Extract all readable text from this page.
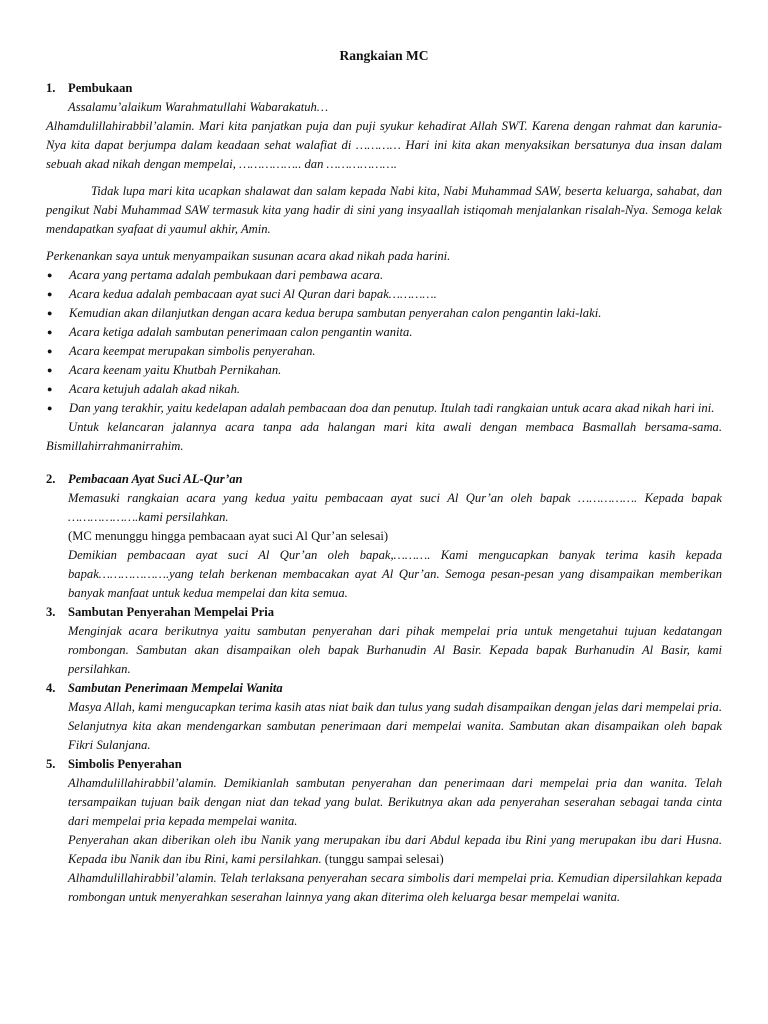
Rangkaian MC
1. Pembukaan
Assalamu’alaikum Warahmatullahi Wabarakatuh…
Alhamdulillahirabbil’alamin. Mari kita panjatkan puja dan puji syukur kehadirat Allah SWT. Karena dengan rahmat dan karunia-Nya kita dapat berjumpa dalam keadaan sehat walafiat di ………… Hari ini kita akan menyaksikan bersatunya dua insan dalam sebuah akad nikah dengan mempelai, …………….. dan ……………….
Tidak lupa mari kita ucapkan shalawat dan salam kepada Nabi kita, Nabi Muhammad SAW, beserta keluarga, sahabat, dan pengikut Nabi Muhammad SAW termasuk kita yang hadir di sini yang insyaallah istiqomah menjalankan risalah-Nya. Semoga kelak mendapatkan syafaat di yaumul akhir, Amin.
Perkenankan saya untuk menyampaikan susunan acara akad nikah pada harini.
●	Acara yang pertama adalah pembukaan dari pembawa acara.
●	Acara kedua adalah pembacaan ayat suci Al Quran dari bapak………….
●	Kemudian akan dilanjutkan dengan acara kedua berupa sambutan penyerahan calon pengantin laki-laki.
●	Acara ketiga adalah sambutan penerimaan calon pengantin wanita.
●	Acara keempat merupakan simbolis penyerahan.
●	Acara keenam yaitu Khutbah Pernikahan.
●	Acara ketujuh adalah akad nikah.
●	Dan yang terakhir, yaitu kedelapan adalah pembacaan doa dan penutup. Itulah tadi rangkaian untuk acara akad nikah hari ini.
Untuk kelancaran jalannya acara tanpa ada halangan mari kita awali dengan membaca Basmallah bersama-sama. Bismillahirrahmanirrahim.
2. Pembacaan Ayat Suci AL-Qur’an
Memasuki rangkaian acara yang kedua yaitu pembacaan ayat suci Al Qur’an oleh bapak ……………. Kepada bapak ……………….kami persilahkan.
(MC menunggu hingga pembacaan ayat suci Al Qur’an selesai)
Demikian pembacaan ayat suci Al Qur’an oleh bapak,………. Kami mengucapkan banyak terima kasih kepada bapak……………….yang telah berkenan membacakan ayat Al Qur’an. Semoga pesan-pesan yang disampaikan memberikan banyak manfaat untuk kedua mempelai dan kita semua.
3. Sambutan Penyerahan Mempelai Pria
Menginjak acara berikutnya yaitu sambutan penyerahan dari pihak mempelai pria untuk mengetahui tujuan kedatangan rombongan. Sambutan akan disampaikan oleh bapak Burhanudin Al Basir. Kepada bapak Burhanudin Al Basir, kami persilahkan.
4. Sambutan Penerimaan Mempelai Wanita
Masya Allah, kami mengucapkan terima kasih atas niat baik dan tulus yang sudah disampaikan dengan jelas dari mempelai pria. Selanjutnya kita akan mendengarkan sambutan penerimaan dari mempelai wanita. Sambutan akan disampaikan oleh bapak Fikri Sulanjana.
5. Simbolis Penyerahan
Alhamdulillahirabbil’alamin. Demikianlah sambutan penyerahan dan penerimaan dari mempelai pria dan wanita. Telah tersampaikan tujuan baik dengan niat dan tekad yang bulat. Berikutnya akan ada penyerahan seserahan sebagai tanda cinta dari mempelai pria kepada mempelai wanita.
Penyerahan akan diberikan oleh ibu Nanik yang merupakan ibu dari Abdul kepada ibu Rini yang merupakan ibu dari Husna. Kepada ibu Nanik dan ibu Rini, kami persilahkan. (tunggu sampai selesai)
Alhamdulillahirabbil’alamin. Telah terlaksana penyerahan secara simbolis dari mempelai pria. Kemudian dipersilahkan kepada rombongan untuk menyerahkan seserahan lainnya yang akan diterima oleh keluarga besar mempelai wanita.
